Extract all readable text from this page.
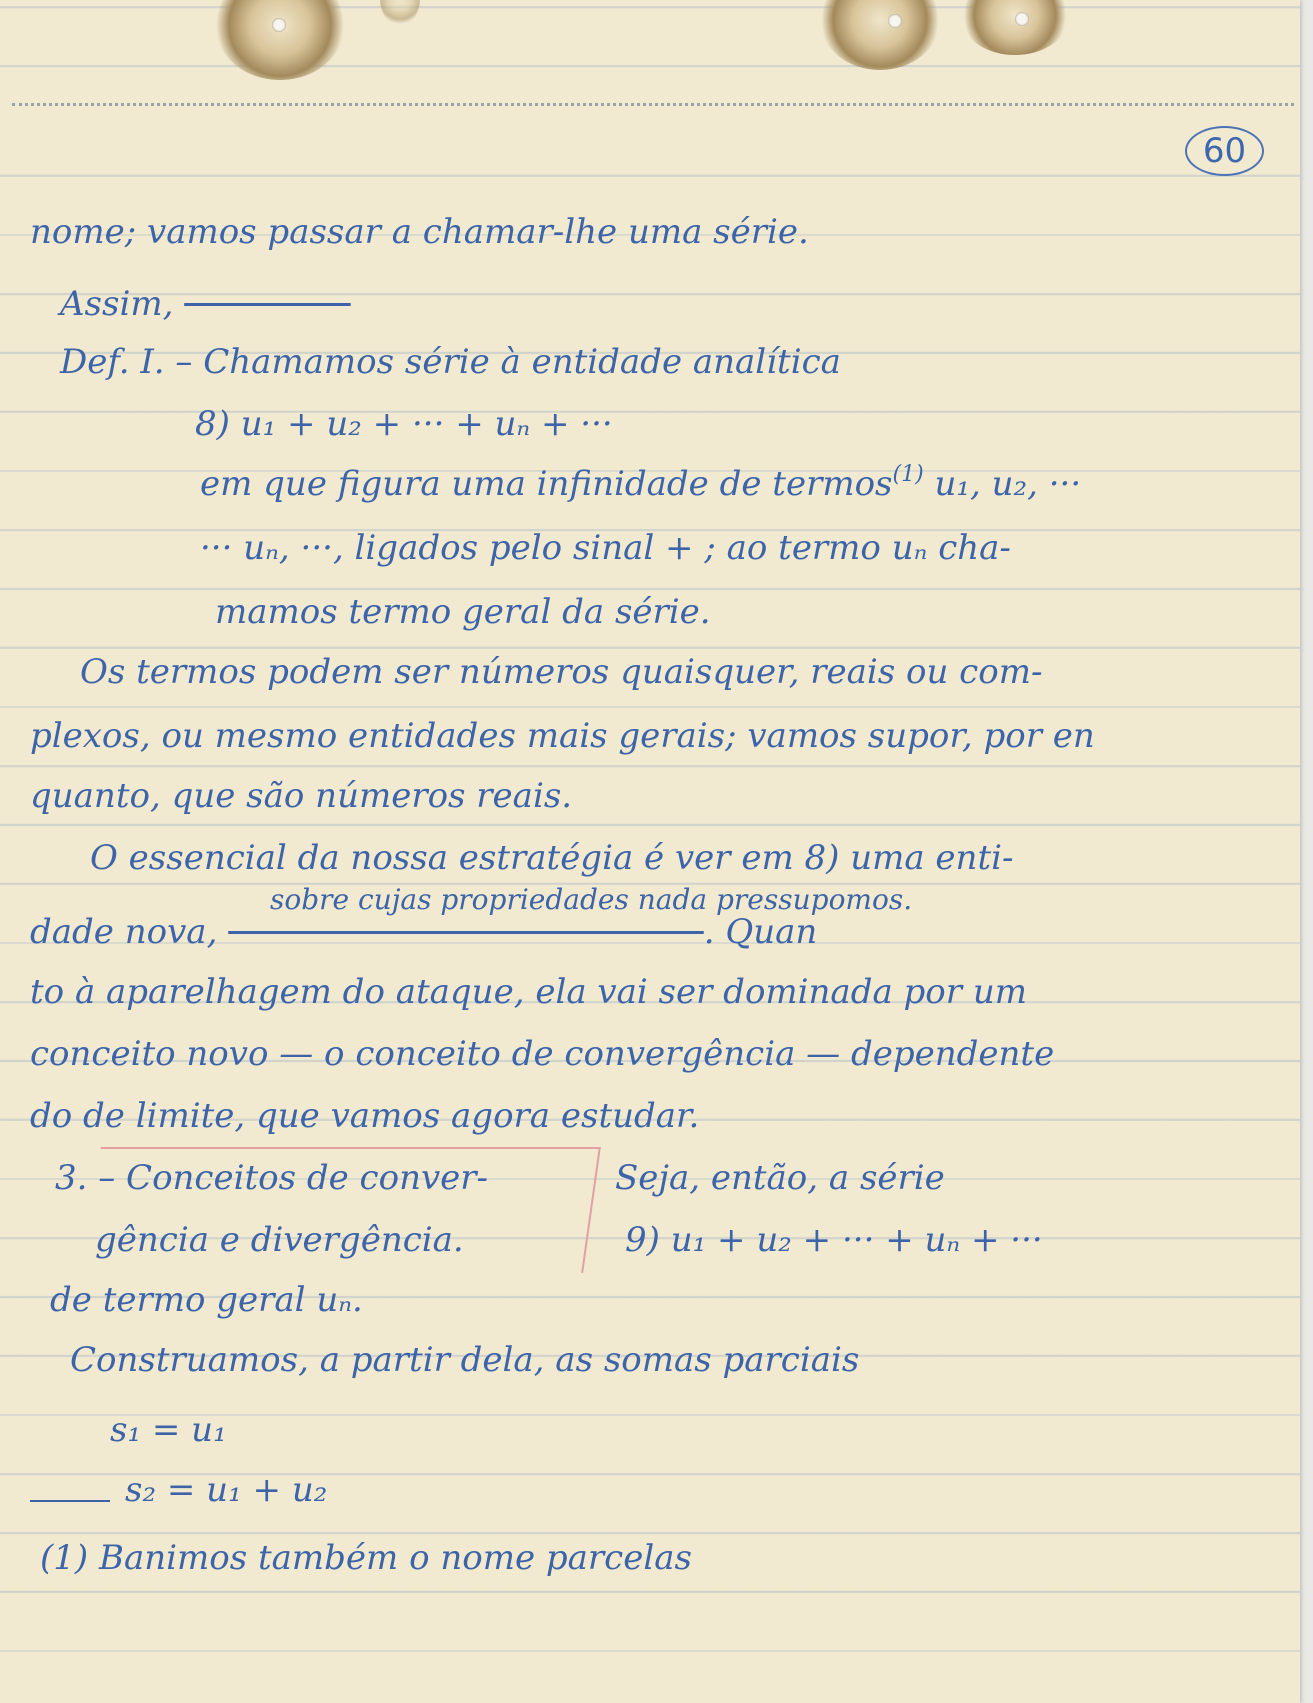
60
nome; vamos passar a chamar-lhe uma série.
Assim,
Def. I. – Chamamos série à entidade analítica
8) u₁ + u₂ + ··· + uₙ + ···
em que figura uma infinidade de termos$^{(1)}$ u₁, u₂, ···
··· uₙ, ···, ligados pelo sinal + ; ao termo uₙ cha-
mamos termo geral da série.
Os termos podem ser números quaisquer, reais ou com-
plexos, ou mesmo entidades mais gerais; vamos supor, por en
quanto, que são números reais.
O essencial da nossa estratégia é ver em 8) uma enti-
sobre cujas propriedades nada pressupomos.
dade nova,	. Quan
to à aparelhagem do ataque, ela vai ser dominada por um
conceito novo — o conceito de convergência — dependente
do de limite, que vamos agora estudar.
3. – Conceitos de conver-
gência e divergência.
Seja, então, a série
9) u₁ + u₂ + ··· + uₙ + ···
de termo geral uₙ.
Construamos, a partir dela, as somas parciais
s₁ = u₁
s₂ = u₁ + u₂
(1) Banimos também o nome parcelas
